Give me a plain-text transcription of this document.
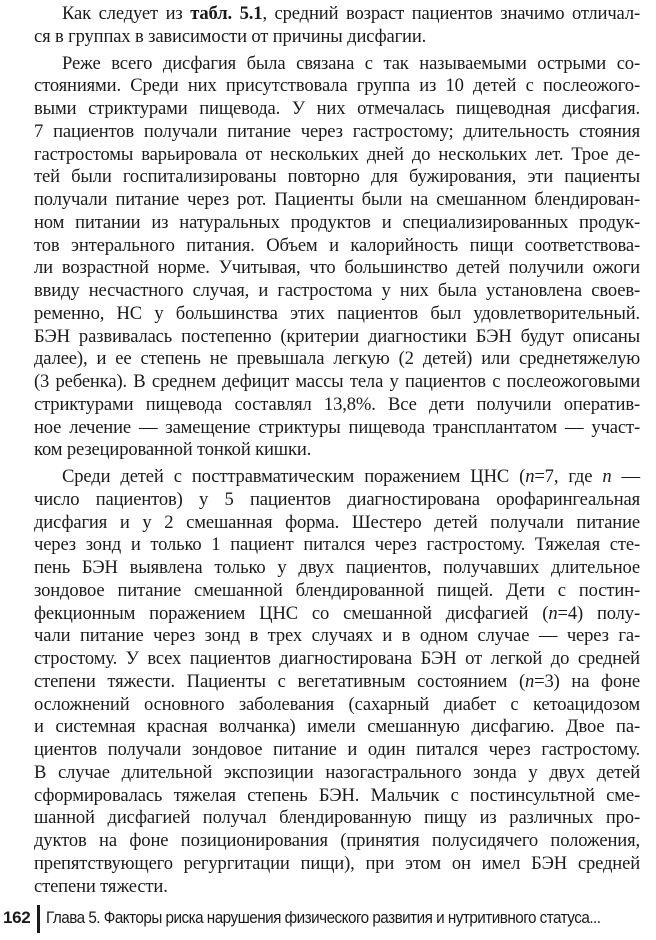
Как следует из табл. 5.1, средний возраст пациентов значимо отличал-
ся в группах в зависимости от причины дисфагии.
Реже всего дисфагия была связана с так называемыми острыми со-
стояниями. Среди них присутствовала группа из 10 детей с послеожого-
выми стриктурами пищевода. У них отмечалась пищеводная дисфагия.
7 пациентов получали питание через гастростому; длительность стояния
гастростомы варьировала от нескольких дней до нескольких лет. Трое де-
тей были госпитализированы повторно для бужирования, эти пациенты
получали питание через рот. Пациенты были на смешанном блендирован-
ном питании из натуральных продуктов и специализированных продук-
тов энтерального питания. Объем и калорийность пищи соответствова-
ли возрастной норме. Учитывая, что большинство детей получили ожоги
ввиду несчастного случая, и гастростома у них была установлена своев-
ременно, НС у большинства этих пациентов был удовлетворительный.
БЭН развивалась постепенно (критерии диагностики БЭН будут описаны
далее), и ее степень не превышала легкую (2 детей) или среднетяжелую
(3 ребенка). В среднем дефицит массы тела у пациентов с послеожоговыми
стриктурами пищевода составлял 13,8%. Все дети получили оператив-
ное лечение — замещение стриктуры пищевода трансплантатом — участ-
ком резецированной тонкой кишки.
Среди детей с посттравматическим поражением ЦНС (n=7, где n —
число пациентов) у 5 пациентов диагностирована орофарингеальная
дисфагия и у 2 смешанная форма. Шестеро детей получали питание
через зонд и только 1 пациент питался через гастростому. Тяжелая сте-
пень БЭН выявлена только у двух пациентов, получавших длительное
зондовое питание смешанной блендированной пищей. Дети с постин-
фекционным поражением ЦНС со смешанной дисфагией (n=4) полу-
чали питание через зонд в трех случаях и в одном случае — через га-
стростому. У всех пациентов диагностирована БЭН от легкой до средней
степени тяжести. Пациенты с вегетативным состоянием (n=3) на фоне
осложнений основного заболевания (сахарный диабет с кетоацидозом
и системная красная волчанка) имели смешанную дисфагию. Двое па-
циентов получали зондовое питание и один питался через гастростому.
В случае длительной экспозиции назогастрального зонда у двух детей
сформировалась тяжелая степень БЭН. Мальчик с постинсультной сме-
шанной дисфагией получал блендированную пищу из различных про-
дуктов на фоне позиционирования (принятия полусидячего положения,
препятствующего регургитации пищи), при этом он имел БЭН средней
степени тяжести.
162 Глава 5. Факторы риска нарушения физического развития и нутритивного статуса...
